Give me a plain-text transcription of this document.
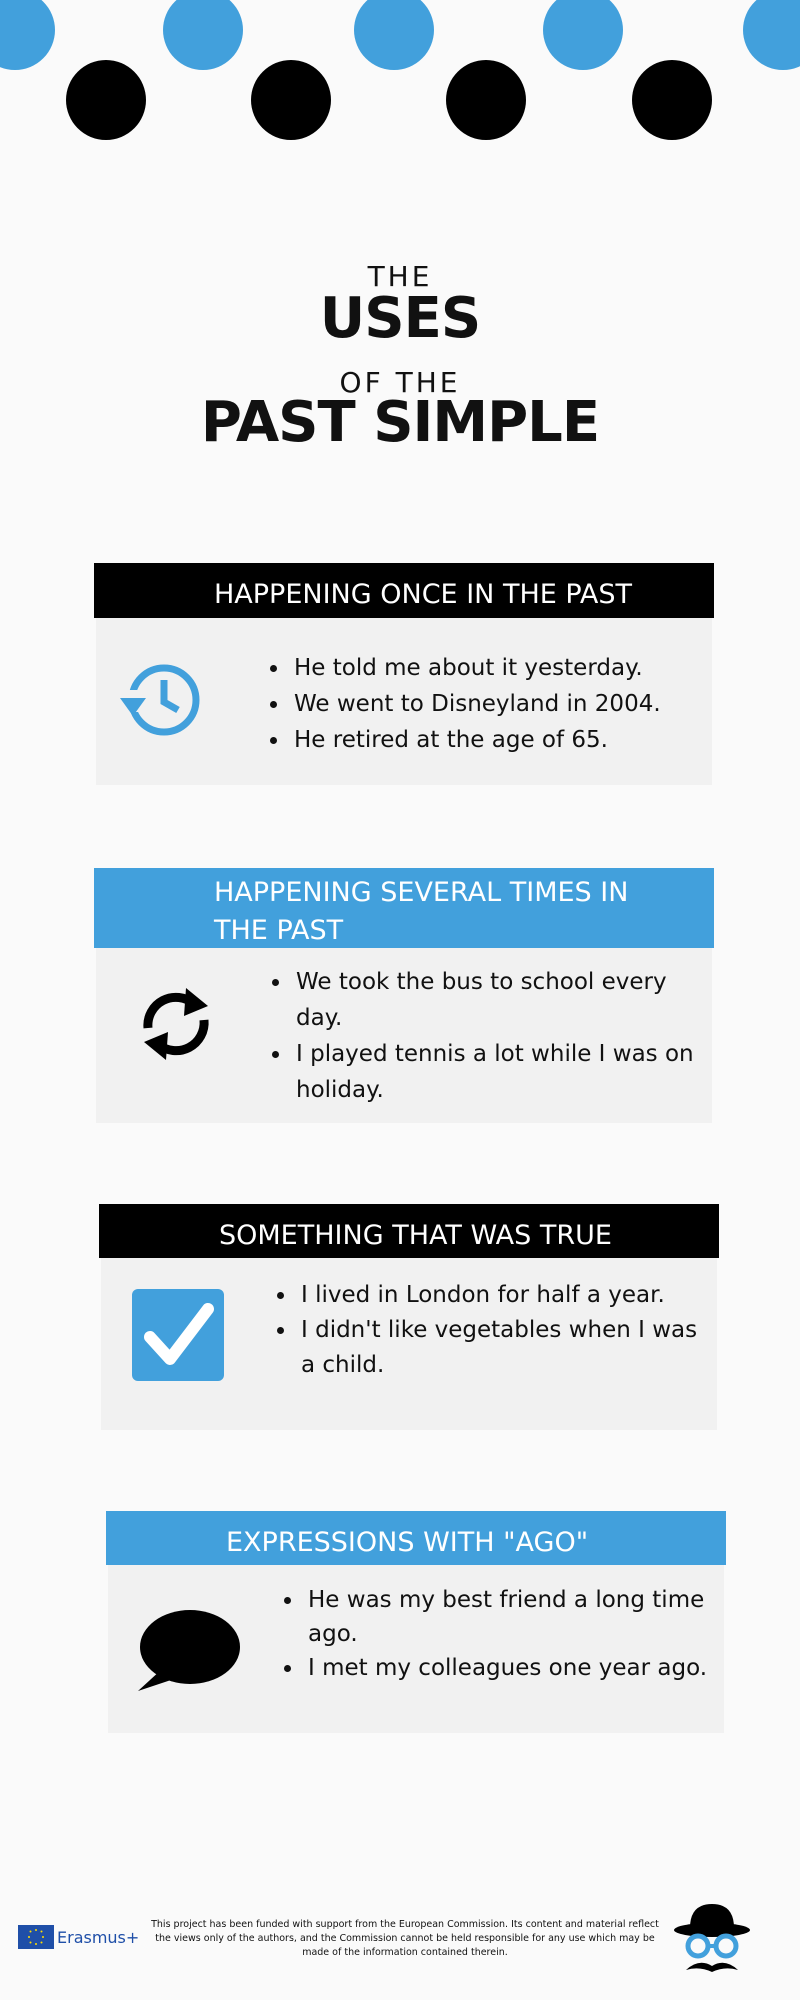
THE
USES
OF THE
PAST SIMPLE
HAPPENING ONCE IN THE PAST
• He told me about it yesterday.
• We went to Disneyland in 2004.
• He retired at the age of 65.
HAPPENING SEVERAL TIMES IN
THE PAST
• We took the bus to school every day.
• I played tennis a lot while I was on holiday.
SOMETHING THAT WAS TRUE
• I lived in London for half a year.
• I didn't like vegetables when I was a child.
EXPRESSIONS WITH "AGO"
• He was my best friend a long time ago.
• I met my colleagues one year ago.
Erasmus+
This project has been funded with support from the European Commission. Its content and material reflect the views only of the authors, and the Commission cannot be held responsible for any use which may be made of the information contained therein.
